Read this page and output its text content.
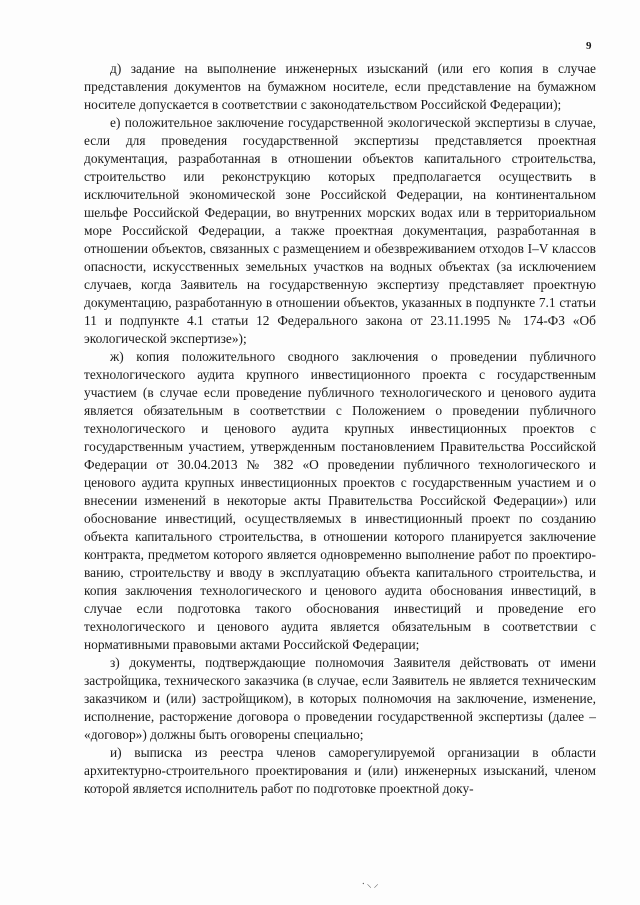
9

д) задание на выполнение инженерных изысканий (или его копия в случае представления документов на бумажном носителе, если представление на бумажном носителе допускается в соответствии с законодательством Российской Федерации);

е) положительное заключение государственной экологической экспертизы в случае, если для проведения государственной экспертизы представляется проектная документация, разработанная в отношении объектов капитального строительства, строительство или реконструкцию которых предполагается осуществить в исключительной экономической зоне Российской Федерации, на континентальном шельфе Российской Федерации, во внутренних морских водах или в территориальном море Российской Федерации, а также проектная документация, разработанная в отношении объектов, связанных с размещением и обезвреживанием отходов I–V классов опасности, искусственных земельных участков на водных объектах (за исключением случаев, когда Заявитель на государственную экспертизу представляет проектную документацию, разработанную в отношении объектов, указанных в подпункте 7.1 статьи 11 и подпункте 4.1 статьи 12 Федерального закона от 23.11.1995 № 174-ФЗ «Об экологической экспертизе»);

ж) копия положительного сводного заключения о проведении публичного технологического аудита крупного инвестиционного проекта с государственным участием (в случае если проведение публичного технологического и ценового аудита является обязательным в соответствии с Положением о проведении публичного технологического и ценового аудита крупных инвестиционных проектов с государственным участием, утвержденным постановлением Правительства Российской Федерации от 30.04.2013 № 382 «О проведении публичного технологического и ценового аудита крупных инвестиционных проектов с государственным участием и о внесении изменений в некоторые акты Правительства Российской Федерации») или обоснование инвестиций, осуществляемых в инвестиционный проект по созданию объекта капитального строительства, в отношении которого планируется заключение контракта, предметом которого является одновременно выполнение работ по проектированию, строительству и вводу в эксплуатацию объекта капитального строительства, и копия заключения технологического и ценового аудита обоснования инвестиций, в случае если подготовка такого обоснования инвестиций и проведение его технологического и ценового аудита является обязательным в соответствии с нормативными правовыми актами Российской Федерации;

з) документы, подтверждающие полномочия Заявителя действовать от имени застройщика, технического заказчика (в случае, если Заявитель не является техническим заказчиком и (или) застройщиком), в которых полномочия на заключение, изменение, исполнение, расторжение договора о проведении государственной экспертизы (далее – «договор») должны быть оговорены специально;

и) выписка из реестра членов саморегулируемой организации в области архитектурно-строительного проектирования и (или) инженерных изысканий, членом которой является исполнитель работ по подготовке проектной доку-

⸱⸜⸝
